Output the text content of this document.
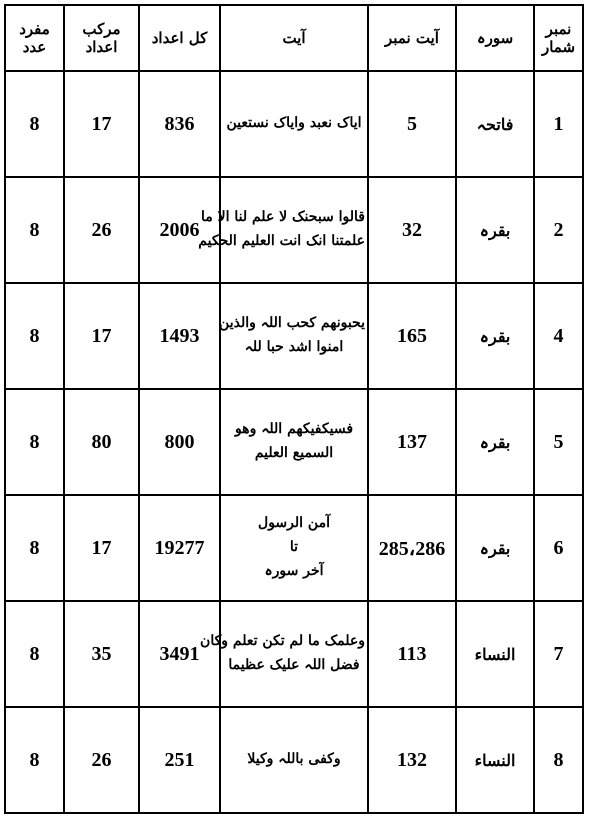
نمبر شمار	سورہ	آیت نمبر	آیت	کل اعداد	مرکب اعداد	مفرد عدد
1	فاتحہ	5	ایاک نعبد وایاک نستعین	836	17	8
2	بقرہ	32	قالوا سبحنک لا علم لنا الا ما
علمتنا انک انت العلیم الحکیم	2006	26	8
4	بقرہ	165	یحبونھم کحب اللہ والذین
امنوا اشد حبا للہ	1493	17	8
5	بقرہ	137	فسیکفیکھم اللہ وھو
السمیع العلیم	800	80	8
6	بقرہ	285،286	آمن الرسول
تا
آخر سورہ	19277	17	8
7	النساء	113	وعلمک ما لم تکن تعلم وکان
فضل اللہ علیک عظیما	3491	35	8
8	النساء	132	وکفی باللہ وکیلا	251	26	8
